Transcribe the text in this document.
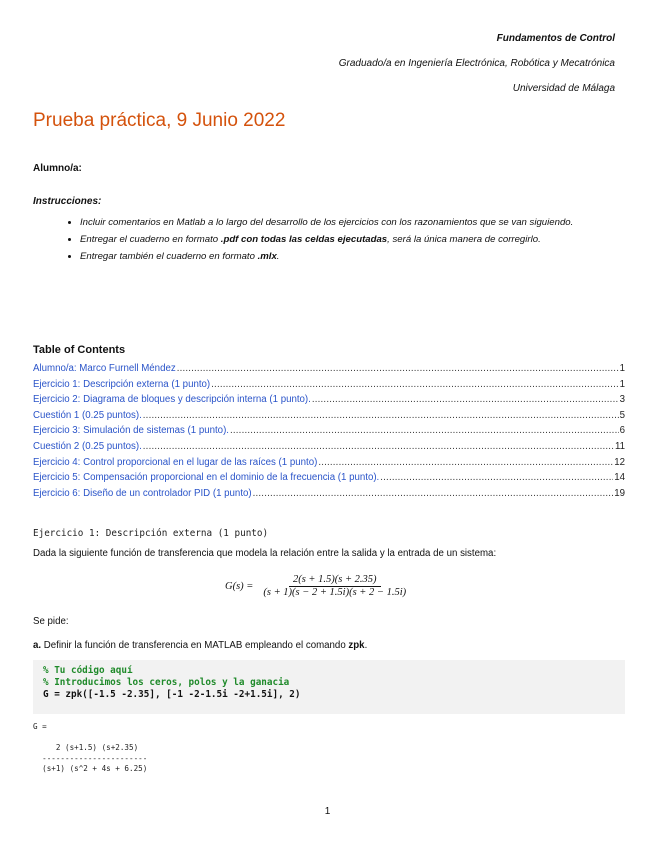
Fundamentos de Control
Graduado/a en Ingeniería Electrónica, Robótica y Mecatrónica
Universidad de Málaga
Prueba práctica, 9 Junio 2022
Alumno/a:
Instrucciones:
• Incluir comentarios en Matlab a lo largo del desarrollo de los ejercicios con los razonamientos que se van siguiendo.
• Entregar el cuaderno en formato .pdf con todas las celdas ejecutadas, será la única manera de corregirlo.
• Entregar también el cuaderno en formato .mlx.
Table of Contents
Alumno/a: Marco Furnell Méndez .....	1
Ejercicio 1: Descripción externa (1 punto) .....	1
Ejercicio 2: Diagrama de bloques y descripción interna (1 punto). .....	3
Cuestión 1 (0.25 puntos). .....	5
Ejercicio 3: Simulación de sistemas (1 punto). .....	6
Cuestión 2 (0.25 puntos). .....	11
Ejercicio 4: Control proporcional en el lugar de las raíces (1 punto) .....	12
Ejercicio 5: Compensación proporcional en el dominio de la frecuencia (1 punto). .....	14
Ejercicio 6: Diseño de un controlador PID (1 punto) .....	19
Ejercicio 1: Descripción externa (1 punto)
Dada la siguiente función de transferencia que modela la relación entre la salida y la entrada de un sistema:
$G(s) = \frac{2(s + 1.5)(s + 2.35)}{(s + 1)(s - 2 + 1.5i)(s + 2 - 1.5i)}$
Se pide:
a. Definir la función de transferencia en MATLAB empleando el comando zpk.
% Tu código aquí
% Introducimos los ceros, polos y la ganacia
G = zpk([-1.5 -2.35], [-1 -2-1.5i -2+1.5i], 2)
G =

2 (s+1.5) (s+2.35)
-----------------------
(s+1) (s^2 + 4s + 6.25)
1
